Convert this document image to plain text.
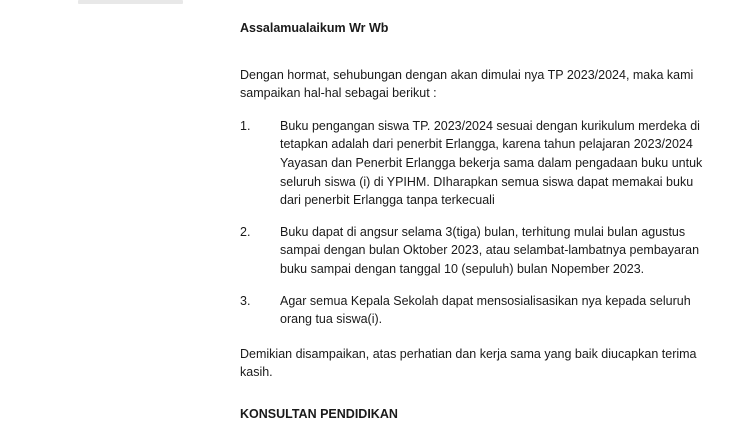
Assalamualaikum Wr Wb

Dengan hormat, sehubungan dengan akan dimulai nya TP 2023/2024, maka kami sampaikan hal-hal sebagai berikut :

1. Buku pengangan siswa TP. 2023/2024 sesuai dengan kurikulum merdeka di tetapkan adalah dari penerbit Erlangga, karena tahun pelajaran 2023/2024 Yayasan dan Penerbit Erlangga bekerja sama dalam pengadaan buku untuk seluruh siswa (i) di YPIHM. DIharapkan semua siswa dapat memakai buku dari penerbit Erlangga tanpa terkecuali
2. Buku dapat di angsur selama 3(tiga) bulan, terhitung mulai bulan agustus sampai dengan bulan Oktober 2023, atau selambat-lambatnya pembayaran buku sampai dengan tanggal 10 (sepuluh) bulan Nopember 2023.
3. Agar semua Kepala Sekolah dapat mensosialisasikan nya kepada seluruh orang tua siswa(i).

Demikian disampaikan, atas perhatian dan kerja sama yang baik diucapkan terima kasih.

KONSULTAN PENDIDIKAN
